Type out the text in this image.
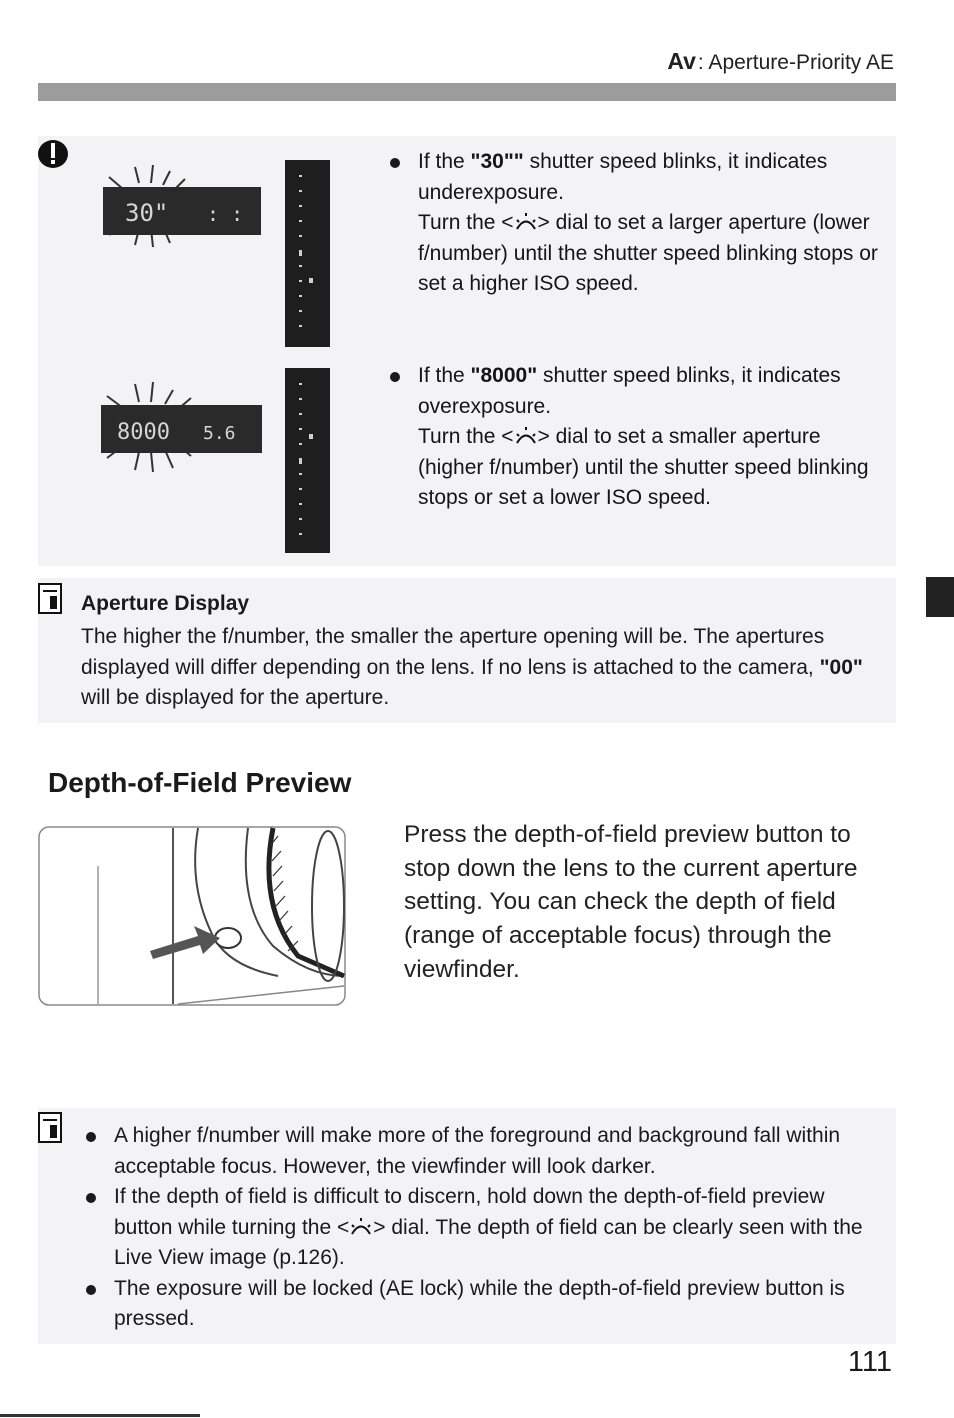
Av: Aperture-Priority AE
30" : :
8000 5.6
If the "30"" shutter speed blinks, it indicates underexposure.
Turn the < > dial to set a larger aperture (lower f/number) until the shutter speed blinking stops or set a higher ISO speed.
If the "8000" shutter speed blinks, it indicates overexposure.
Turn the < > dial to set a smaller aperture (higher f/number) until the shutter speed blinking stops or set a lower ISO speed.
Aperture Display
The higher the f/number, the smaller the aperture opening will be. The apertures displayed will differ depending on the lens. If no lens is attached to the camera, "00" will be displayed for the aperture.
Depth-of-Field Preview
Press the depth-of-field preview button to stop down the lens to the current aperture setting. You can check the depth of field (range of acceptable focus) through the viewfinder.
A higher f/number will make more of the foreground and background fall within acceptable focus. However, the viewfinder will look darker.
If the depth of field is difficult to discern, hold down the depth-of-field preview button while turning the < > dial. The depth of field can be clearly seen with the Live View image (p.126).
The exposure will be locked (AE lock) while the depth-of-field preview button is pressed.
111
